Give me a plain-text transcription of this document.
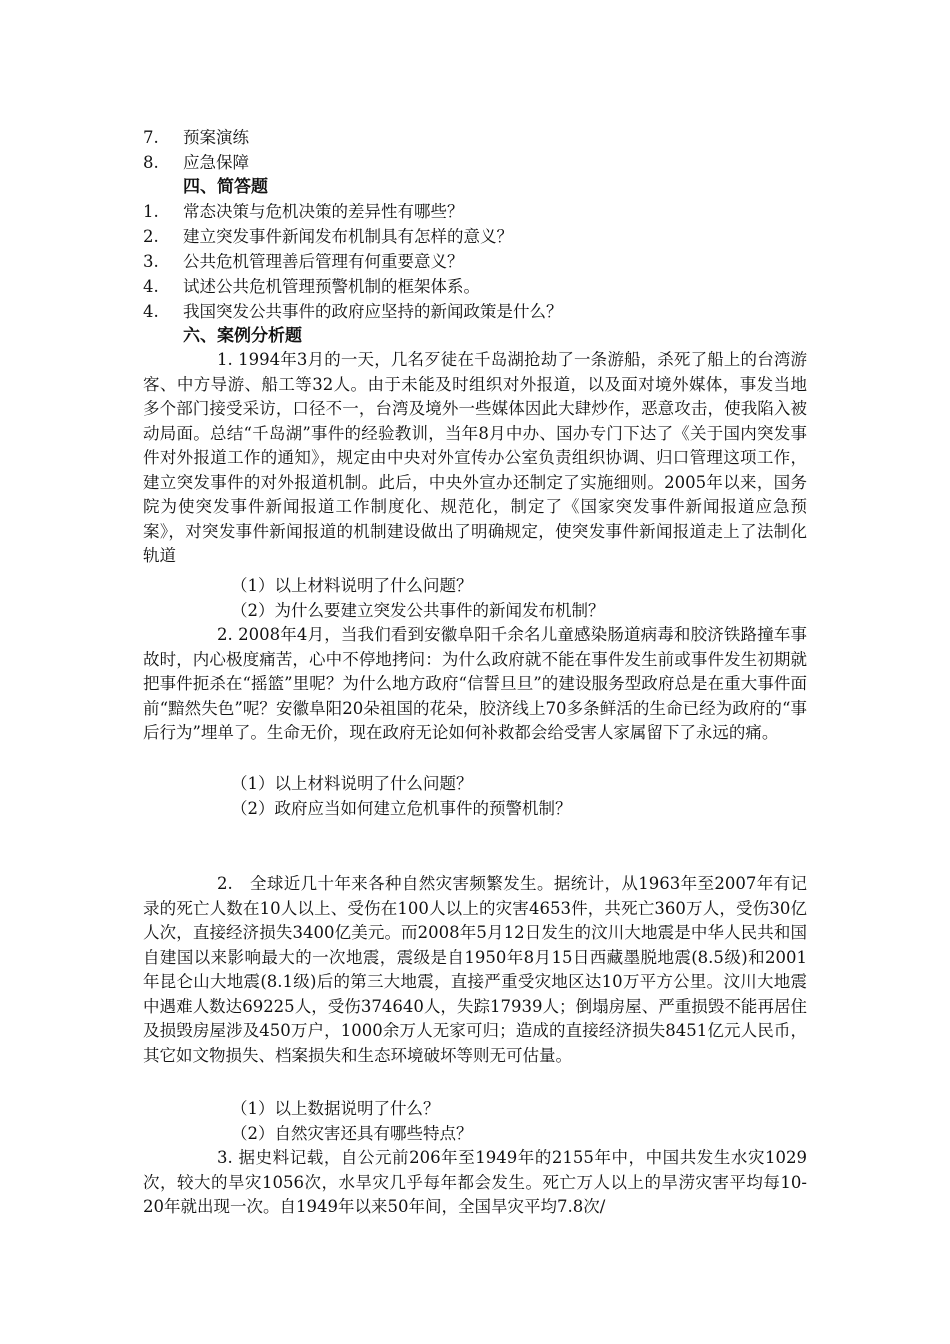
7. 预案演练
8. 应急保障
四、简答题
1. 常态决策与危机决策的差异性有哪些？
2. 建立突发事件新闻发布机制具有怎样的意义？
3. 公共危机管理善后管理有何重要意义？
4. 试述公共危机管理预警机制的框架体系。
4. 我国突发公共事件的政府应坚持的新闻政策是什么？
六、案例分析题

1. 1994年3月的一天，几名歹徒在千岛湖抢劫了一条游船，杀死了船上的台湾游客、中方导游、船工等32人。由于未能及时组织对外报道，以及面对境外媒体，事发当地多个部门接受采访，口径不一，台湾及境外一些媒体因此大肆炒作，恶意攻击，使我陷入被动局面。总结“千岛湖”事件的经验教训，当年8月中办、国办专门下达了《关于国内突发事件对外报道工作的通知》，规定由中央对外宣传办公室负责组织协调、归口管理这项工作，建立突发事件的对外报道机制。此后，中央外宣办还制定了实施细则。2005年以来，国务院为使突发事件新闻报道工作制度化、规范化，制定了《国家突发事件新闻报道应急预案》，对突发事件新闻报道的机制建设做出了明确规定，使突发事件新闻报道走上了法制化轨道

（1）以上材料说明了什么问题？
（2）为什么要建立突发公共事件的新闻发布机制？

2. 2008年4月，当我们看到安徽阜阳千余名儿童感染肠道病毒和胶济铁路撞车事故时，内心极度痛苦，心中不停地拷问：为什么政府就不能在事件发生前或事件发生初期就把事件扼杀在“摇篮”里呢？为什么地方政府“信誓旦旦”的建设服务型政府总是在重大事件面前“黯然失色”呢？安徽阜阳20朵祖国的花朵，胶济线上70多条鲜活的生命已经为政府的“事后行为”埋单了。生命无价，现在政府无论如何补救都会给受害人家属留下了永远的痛。

（1）以上材料说明了什么问题？
（2）政府应当如何建立危机事件的预警机制？

2.　全球近几十年来各种自然灾害频繁发生。据统计，从1963年至2007年有记录的死亡人数在10人以上、受伤在100人以上的灾害4653件，共死亡360万人，受伤30亿人次，直接经济损失3400亿美元。而2008年5月12日发生的汶川大地震是中华人民共和国自建国以来影响最大的一次地震，震级是自1950年8月15日西藏墨脱地震(8.5级)和2001年昆仑山大地震(8.1级)后的第三大地震，直接严重受灾地区达10万平方公里。汶川大地震中遇难人数达69225人，受伤374640人，失踪17939人；倒塌房屋、严重损毁不能再居住及损毁房屋涉及450万户，1000余万人无家可归；造成的直接经济损失8451亿元人民币，其它如文物损失、档案损失和生态环境破坏等则无可估量。

（1）以上数据说明了什么？
（2）自然灾害还具有哪些特点？

3. 据史料记载，自公元前206年至1949年的2155年中，中国共发生水灾1029次，较大的旱灾1056次，水旱灾几乎每年都会发生。死亡万人以上的旱涝灾害平均每10-20年就出现一次。自1949年以来50年间，全国旱灾平均7.8次/
